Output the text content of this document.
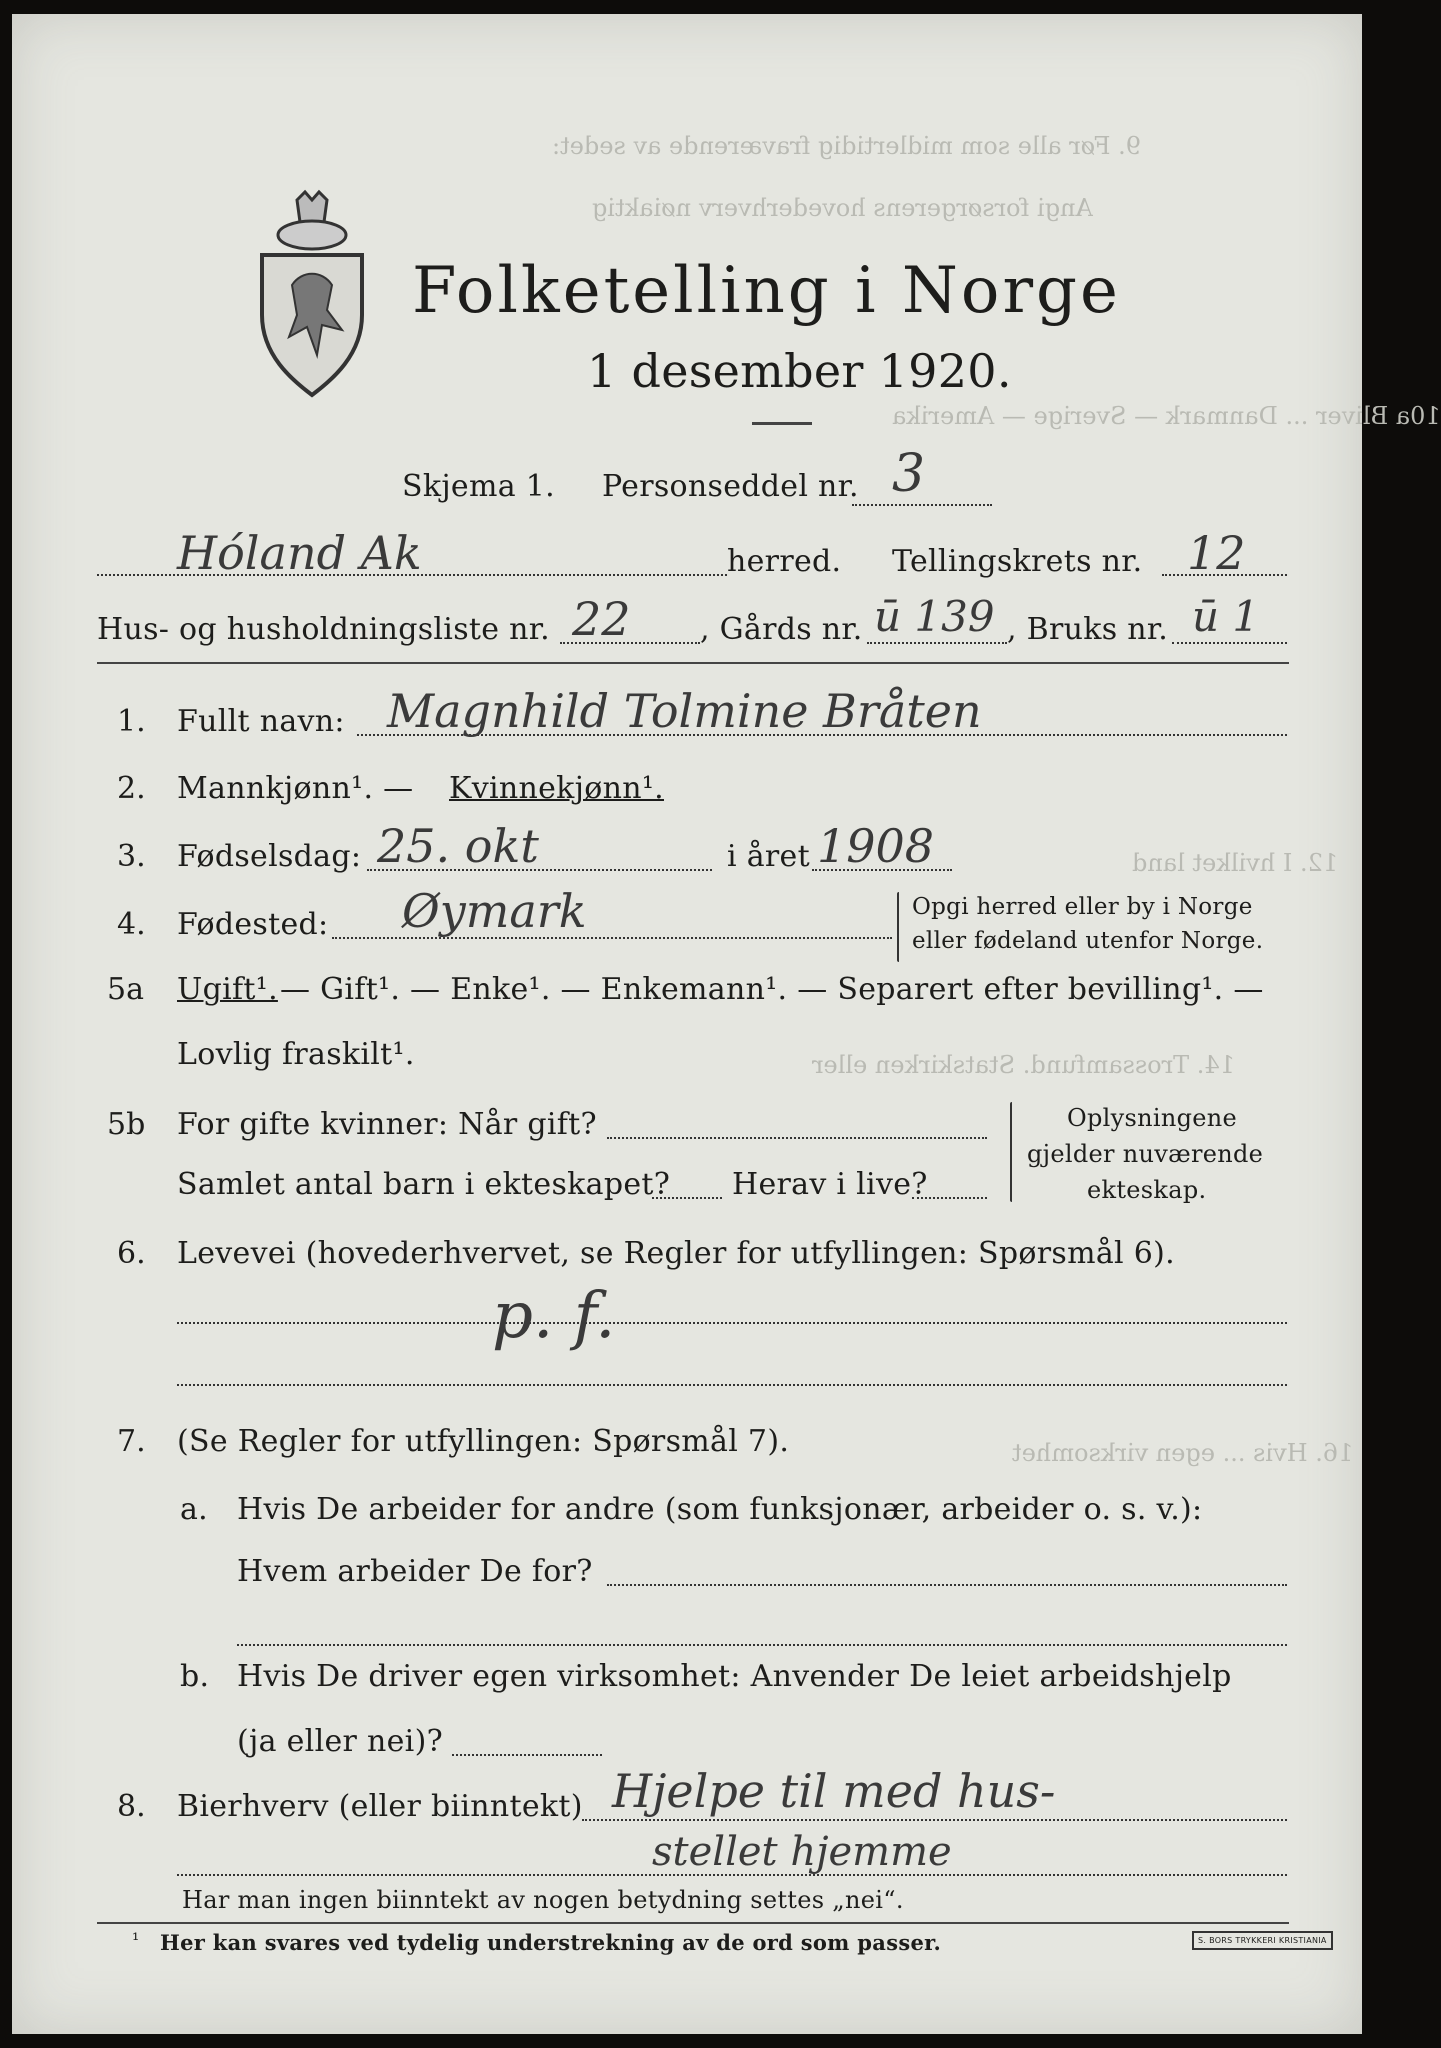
9. Før alle som midlertidig fraværende av sedet:
Angi forsørgerens hovederhverv nøiaktig
10a Bliver ... Danmark — Sverige — Amerika
12. I hvilket land
14. Trossamfund. Statskirken eller
16. Hvis ... egen virksomhet
Folketelling i Norge
1 desember 1920.
Skjema 1. Personseddel nr. 3
Hóland Ak	herred. Tellingskrets nr. 12
Hus- og husholdningsliste nr. 22 , Gårds nr. ū 139 , Bruks nr. ū 1
1. Fullt navn: Magnhild Tolmine Bråten
2. Mannkjønn¹. — Kvinnekjønn¹.
3. Fødselsdag: 25. okt	i året 1908
4. Fødested: Øymark	Opgi herred eller by i Norge
eller fødeland utenfor Norge.
5a Ugift¹. — Gift¹. — Enke¹. — Enkemann¹. — Separert efter bevilling¹. —
Lovlig fraskilt¹.
5b For gifte kvinner: Når gift?
Samlet antal barn i ekteskapet? Herav i live?
Oplysningene
gjelder nuværende
ekteskap.
6. Levevei (hovederhvervet, se Regler for utfyllingen: Spørsmål 6).
p. f.
7. (Se Regler for utfyllingen: Spørsmål 7).
a. Hvis De arbeider for andre (som funksjonær, arbeider o. s. v.):
Hvem arbeider De for?
b. Hvis De driver egen virksomhet: Anvender De leiet arbeidshjelp
(ja eller nei)?
8. Bierhverv (eller biinntekt) Hjelpe til med hus-
stellet hjemme
Har man ingen biinntekt av nogen betydning settes „nei“.
¹ Her kan svares ved tydelig understrekning av de ord som passer.	S. BORS TRYKKERI KRISTIANIA
